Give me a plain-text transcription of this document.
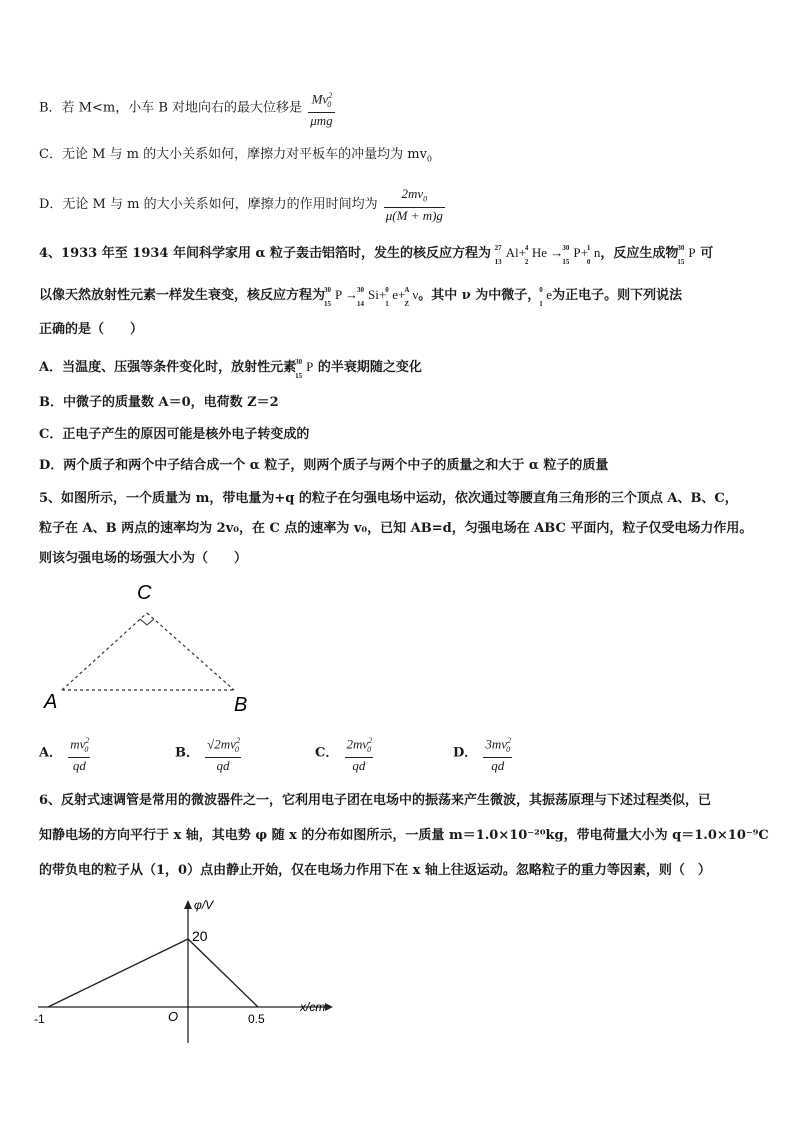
B．若 M<m，小车 B 对地向右的最大位移是 $\frac{Mv^2_0}{\text{μmg}}$
C．无论 M 与 m 的大小关系如何，摩擦力对平板车的冲量均为 $mv_0$
D．无论 M 与 m 的大小关系如何，摩擦力的作用时间均为 $\frac{2mv_0}{\mu(M + m)g}$
4、1933 年至 1934 年间科学家用 α 粒子轰击铝箔时，发生的核反应方程为 27
13
Al+ 4
2
He → 30
15
P+ 1
0
n，反应生成物 30
15
P 可
以像天然放射性元素一样发生衰变，核反应方程为 30
15
P → 30
14
Si+ 0
1
e+ A
Z
ν。其中 ν 为中微子， 0
1
e为正电子。则下列说法
正确的是（　　）
A．当温度、压强等条件变化时，放射性元素 30
15
P 的半衰期随之变化
B．中微子的质量数 A＝0，电荷数 Z＝2
C．正电子产生的原因可能是核外电子转变成的
D．两个质子和两个中子结合成一个 α 粒子，则两个质子与两个中子的质量之和大于 α 粒子的质量
5、如图所示，一个质量为 m，带电量为+q 的粒子在匀强电场中运动，依次通过等腰直角三角形的三个顶点 A、B、C，
粒子在 A、B 两点的速率均为 2v₀，在 C 点的速率为 v₀，已知 AB=d，匀强电场在 ABC 平面内，粒子仅受电场力作用。
则该匀强电场的场强大小为（　　）
C
A	B
A． $\frac{mv^2_0}{qd}$	B． $\frac{√2mv^2_0}{qd}$	C． $\frac{2mv^2_0}{qd}$	D． $\frac{3mv^2_0}{qd}$
6、反射式速调管是常用的微波器件之一，它利用电子团在电场中的振荡来产生微波，其振荡原理与下述过程类似，已
知静电场的方向平行于 x 轴，其电势 φ 随 x 的分布如图所示，一质量 m＝1.0×10⁻²⁰kg，带电荷量大小为 q＝1.0×10⁻⁹C
的带负电的粒子从（1，0）点由静止开始，仅在电场力作用下在 x 轴上往返运动。忽略粒子的重力等因素，则（　）
φ/V
x/cm
20
O
-1	0.5
